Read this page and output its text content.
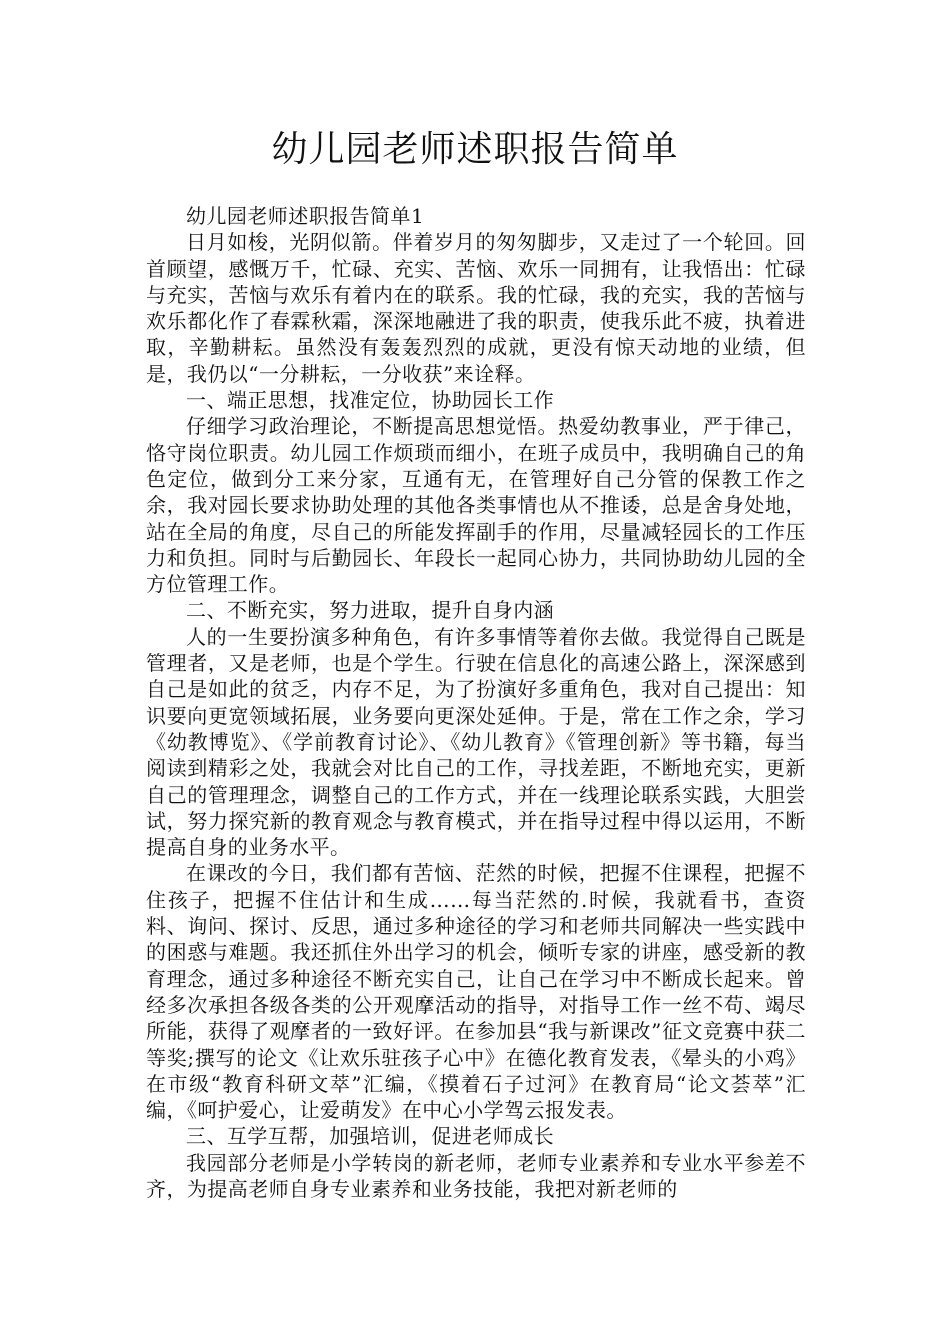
幼儿园老师述职报告简单

幼儿园老师述职报告简单1

日月如梭，光阴似箭。伴着岁月的匆匆脚步，又走过了一个轮回。回首顾望，感慨万千，忙碌、充实、苦恼、欢乐一同拥有，让我悟出：忙碌与充实，苦恼与欢乐有着内在的联系。我的忙碌，我的充实，我的苦恼与欢乐都化作了春霖秋霜，深深地融进了我的职责，使我乐此不疲，执着进取，辛勤耕耘。虽然没有轰轰烈烈的成就，更没有惊天动地的业绩，但是，我仍以“一分耕耘，一分收获”来诠释。

一、端正思想，找准定位，协助园长工作

仔细学习政治理论，不断提高思想觉悟。热爱幼教事业，严于律己，恪守岗位职责。幼儿园工作烦琐而细小，在班子成员中，我明确自己的角色定位，做到分工来分家，互通有无，在管理好自己分管的保教工作之余，我对园长要求协助处理的其他各类事情也从不推诿，总是舍身处地，站在全局的角度，尽自己的所能发挥副手的作用，尽量减轻园长的工作压力和负担。同时与后勤园长、年段长一起同心协力，共同协助幼儿园的全方位管理工作。

二、不断充实，努力进取，提升自身内涵

人的一生要扮演多种角色，有许多事情等着你去做。我觉得自己既是管理者，又是老师，也是个学生。行驶在信息化的高速公路上，深深感到自己是如此的贫乏，内存不足，为了扮演好多重角色，我对自己提出：知识要向更宽领域拓展，业务要向更深处延伸。于是，常在工作之余，学习《幼教博览》、《学前教育讨论》、《幼儿教育》《管理创新》等书籍，每当阅读到精彩之处，我就会对比自己的工作，寻找差距，不断地充实，更新自己的管理理念，调整自己的工作方式，并在一线理论联系实践，大胆尝试，努力探究新的教育观念与教育模式，并在指导过程中得以运用，不断提高自身的业务水平。

在课改的今日，我们都有苦恼、茫然的时候，把握不住课程，把握不住孩子，把握不住估计和生成……每当茫然的.时候，我就看书，查资料、询问、探讨、反思，通过多种途径的学习和老师共同解决一些实践中的困惑与难题。我还抓住外出学习的机会，倾听专家的讲座，感受新的教育理念，通过多种途径不断充实自己，让自己在学习中不断成长起来。曾经多次承担各级各类的公开观摩活动的指导，对指导工作一丝不苟、竭尽所能，获得了观摩者的一致好评。在参加县“我与新课改”征文竞赛中获二等奖;撰写的论文《让欢乐驻孩子心中》在德化教育发表，《晕头的小鸡》在市级“教育科研文萃”汇编，《摸着石子过河》在教育局“论文荟萃”汇编，《呵护爱心，让爱萌发》在中心小学驾云报发表。

三、互学互帮，加强培训，促进老师成长

我园部分老师是小学转岗的新老师，老师专业素养和专业水平参差不齐，为提高老师自身专业素养和业务技能，我把对新老师的
